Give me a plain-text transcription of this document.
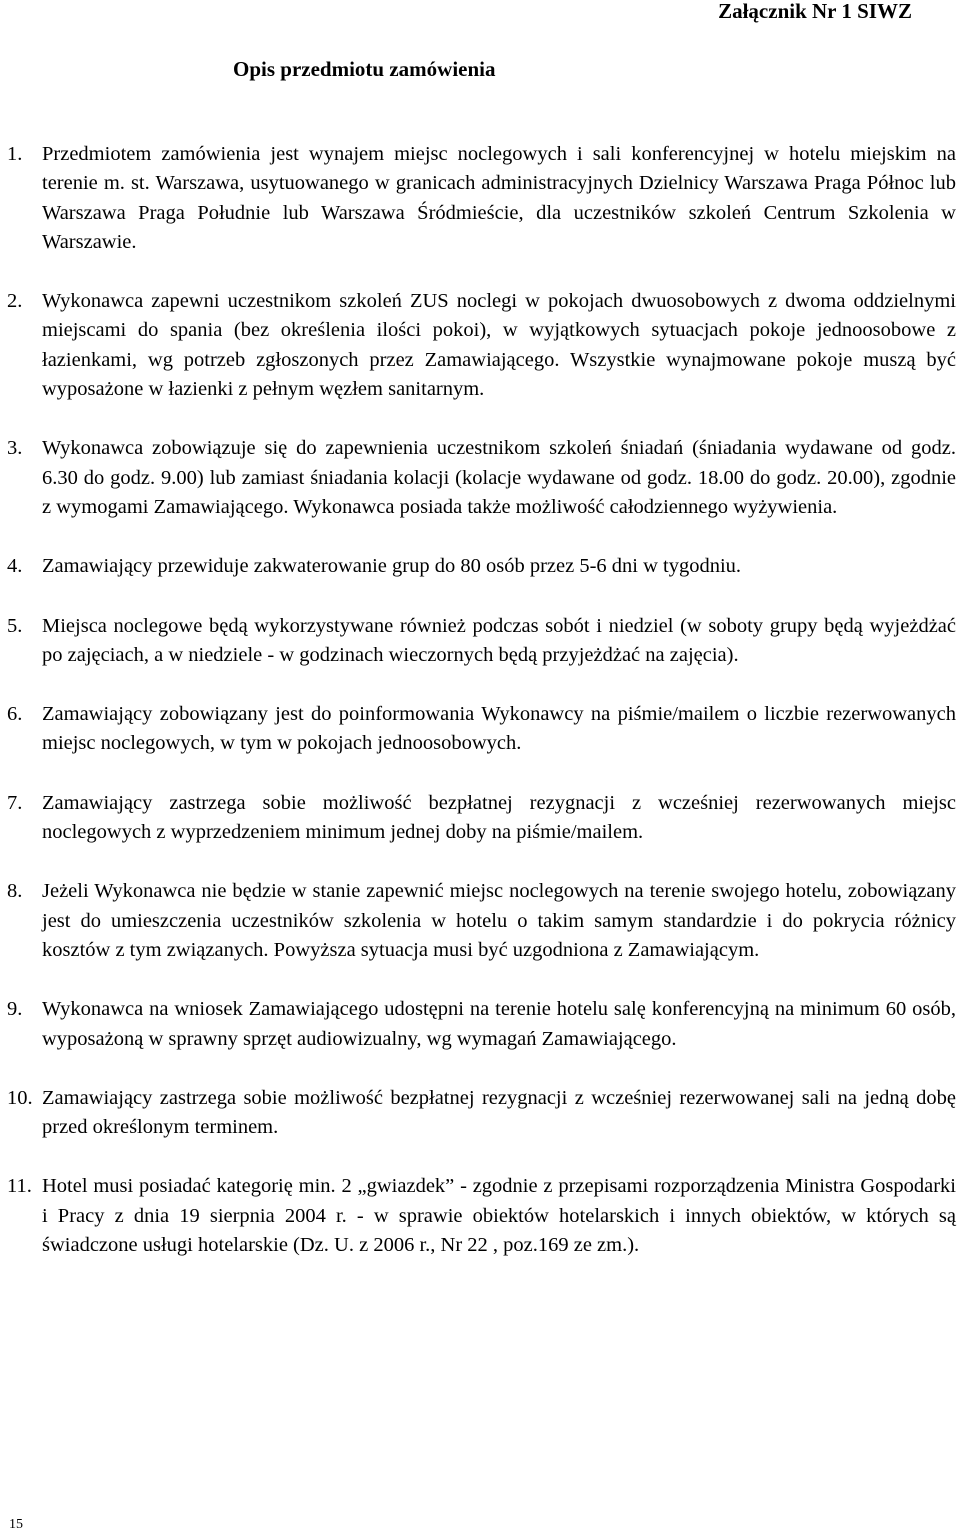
Załącznik Nr 1 SIWZ

Opis przedmiotu zamówienia
1. Przedmiotem zamówienia jest wynajem miejsc noclegowych i sali konferencyjnej w hotelu miejskim na terenie m. st. Warszawa, usytuowanego w granicach administracyjnych Dzielnicy Warszawa Praga Północ lub Warszawa Praga Południe lub Warszawa Śródmieście, dla uczestników szkoleń Centrum Szkolenia w Warszawie.
2. Wykonawca zapewni uczestnikom szkoleń ZUS noclegi w pokojach dwuosobowych z dwoma oddzielnymi miejscami do spania (bez określenia ilości pokoi), w wyjątkowych sytuacjach pokoje jednoosobowe z łazienkami, wg potrzeb zgłoszonych przez Zamawiającego. Wszystkie wynajmowane pokoje muszą być wyposażone w łazienki z pełnym węzłem sanitarnym.
3. Wykonawca zobowiązuje się do zapewnienia uczestnikom szkoleń śniadań (śniadania wydawane od godz. 6.30 do godz. 9.00) lub zamiast śniadania kolacji (kolacje wydawane od godz. 18.00 do godz. 20.00), zgodnie z wymogami Zamawiającego. Wykonawca posiada także możliwość całodziennego wyżywienia.
4. Zamawiający przewiduje zakwaterowanie grup do 80 osób przez 5-6 dni w tygodniu.
5. Miejsca noclegowe będą wykorzystywane również podczas sobót i niedziel (w soboty grupy będą wyjeżdżać po zajęciach, a w niedziele - w godzinach wieczornych będą przyjeżdżać na zajęcia).
6. Zamawiający zobowiązany jest do poinformowania Wykonawcy na piśmie/mailem o liczbie rezerwowanych miejsc noclegowych, w tym w pokojach jednoosobowych.
7. Zamawiający zastrzega sobie możliwość bezpłatnej rezygnacji z wcześniej rezerwowanych miejsc noclegowych z wyprzedzeniem minimum jednej doby na piśmie/mailem.
8. Jeżeli Wykonawca nie będzie w stanie zapewnić miejsc noclegowych na terenie swojego hotelu, zobowiązany jest do umieszczenia uczestników szkolenia w hotelu o takim samym standardzie i do pokrycia różnicy kosztów z tym związanych. Powyższa sytuacja musi być uzgodniona z Zamawiającym.
9. Wykonawca na wniosek Zamawiającego udostępni na terenie hotelu salę konferencyjną na minimum 60 osób, wyposażoną w sprawny sprzęt audiowizualny, wg wymagań Zamawiającego.
10. Zamawiający zastrzega sobie możliwość bezpłatnej rezygnacji z wcześniej rezerwowanej sali na jedną dobę przed określonym terminem.
11. Hotel musi posiadać kategorię min. 2 „gwiazdek” - zgodnie z przepisami rozporządzenia Ministra Gospodarki i Pracy z dnia 19 sierpnia 2004 r. - w sprawie obiektów hotelarskich i innych obiektów, w których są świadczone usługi hotelarskie (Dz. U. z 2006 r., Nr 22 , poz.169 ze zm.).

15
